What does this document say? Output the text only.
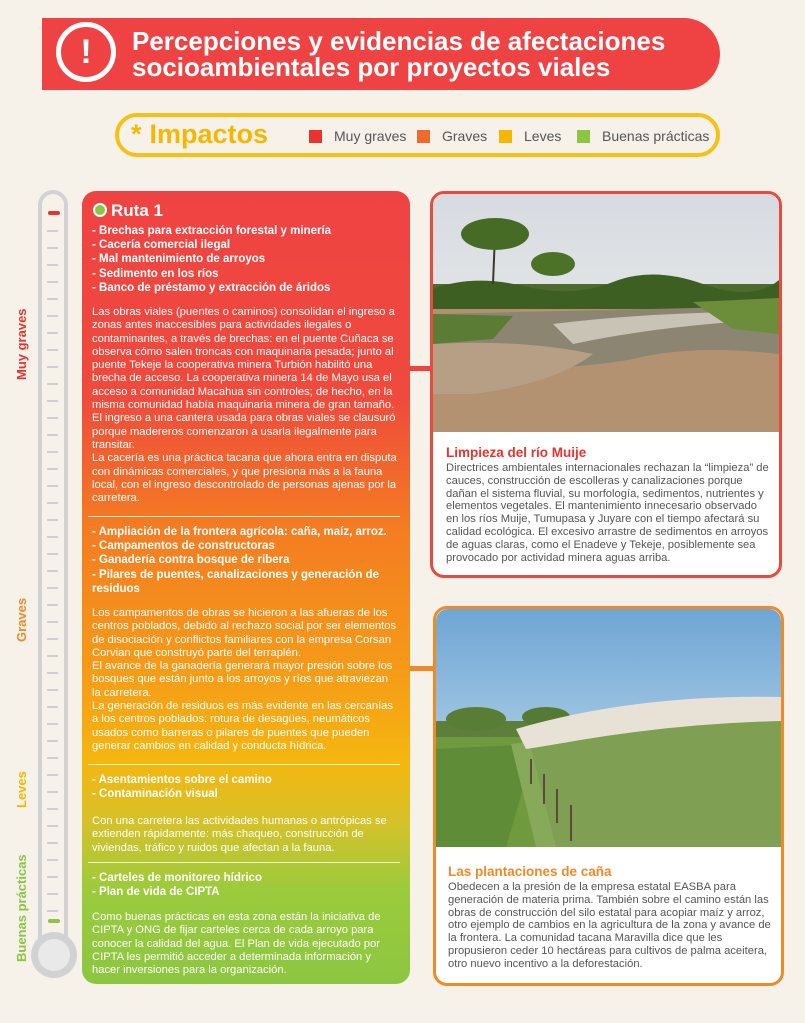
! Percepciones y evidencias de afectaciones
socioambientales por proyectos viales
* Impactos	Muy graves	Graves	Leves	Buenas prácticas
Muy graves
Graves
Leves
Buenas prácticas
Ruta 1
- Brechas para extracción forestal y minería
- Cacería comercial ilegal
- Mal mantenimiento de arroyos
- Sedimento en los ríos
- Banco de préstamo y extracción de áridos
Las obras viales (puentes o caminos) consolidan el ingreso a zonas antes inaccesibles para actividades ilegales o contaminantes, a través de brechas: en el puente Cuñaca se observa cómo salen troncas con maquinaria pesada; junto al puente Tekeje la cooperativa minera Turbión habilitó una brecha de acceso. La cooperativa minera 14 de Mayo usa el acceso a comunidad Macahua sin controles; de hecho, en la misma comunidad había maquinaria minera de gran tamaño. El ingreso a una cantera usada para obras viales se clausuró porque madereros comenzaron a usarla ilegalmente para transitar.
La cacería es una práctica tacana que ahora entra en disputa con dinámicas comerciales, y que presiona más a la fauna local, con el ingreso descontrolado de personas ajenas por la carretera.
- Ampliación de la frontera agrícola: caña, maíz, arroz.
- Campamentos de constructoras
- Ganadería contra bosque de ribera
- Pilares de puentes, canalizaciones y generación de residuos
Los campamentos de obras se hicieron a las afueras de los centros poblados, debido al rechazo social por ser elementos de disociación y conflictos familiares con la empresa Corsan Corvian que construyó parte del terraplén.
El avance de la ganadería generará mayor presión sobre los bosques que están junto a los arroyos y ríos que atraviezan la carretera.
La generación de residuos es más evidente en las cercanías a los centros poblados: rotura de desagües, neumáticos usados como barreras o pilares de puentes que pueden generar cambios en calidad y conducta hídrica.
- Asentamientos sobre el camino
- Contaminación visual
Con una carretera las actividades humanas o antrópicas se extienden rápidamente: más chaqueo, construcción de viviendas, tráfico y ruidos que afectan a la fauna.
- Carteles de monitoreo hídrico
- Plan de vida de CIPTA
Como buenas prácticas en esta zona están la iniciativa de CIPTA y ONG de fijar carteles cerca de cada arroyo para conocer la calidad del agua. El Plan de vida ejecutado por CIPTA les permitió acceder a determinada información y hacer inversiones para la organización.
Limpieza del río Muije
Directrices ambientales internacionales rechazan la “limpieza” de cauces, construcción de escolleras y canalizaciones porque dañan el sistema fluvial, su morfología, sedimentos, nutrientes y elementos vegetales. El mantenimiento innecesario observado en los ríos Muije, Tumupasa y Juyare con el tiempo afectará su calidad ecológica. El excesivo arrastre de sedimentos en arroyos de aguas claras, como el Enadeve y Tekeje, posiblemente sea provocado por actividad minera aguas arriba.
Las plantaciones de caña
Obedecen a la presión de la empresa estatal EASBA para generación de materia prima. También sobre el camino están las obras de construcción del silo estatal para acopiar maíz y arroz, otro ejemplo de cambios en la agricultura de la zona y avance de la frontera. La comunidad tacana Maravilla dice que les propusieron ceder 10 hectáreas para cultivos de palma aceitera, otro nuevo incentivo a la deforestación.
